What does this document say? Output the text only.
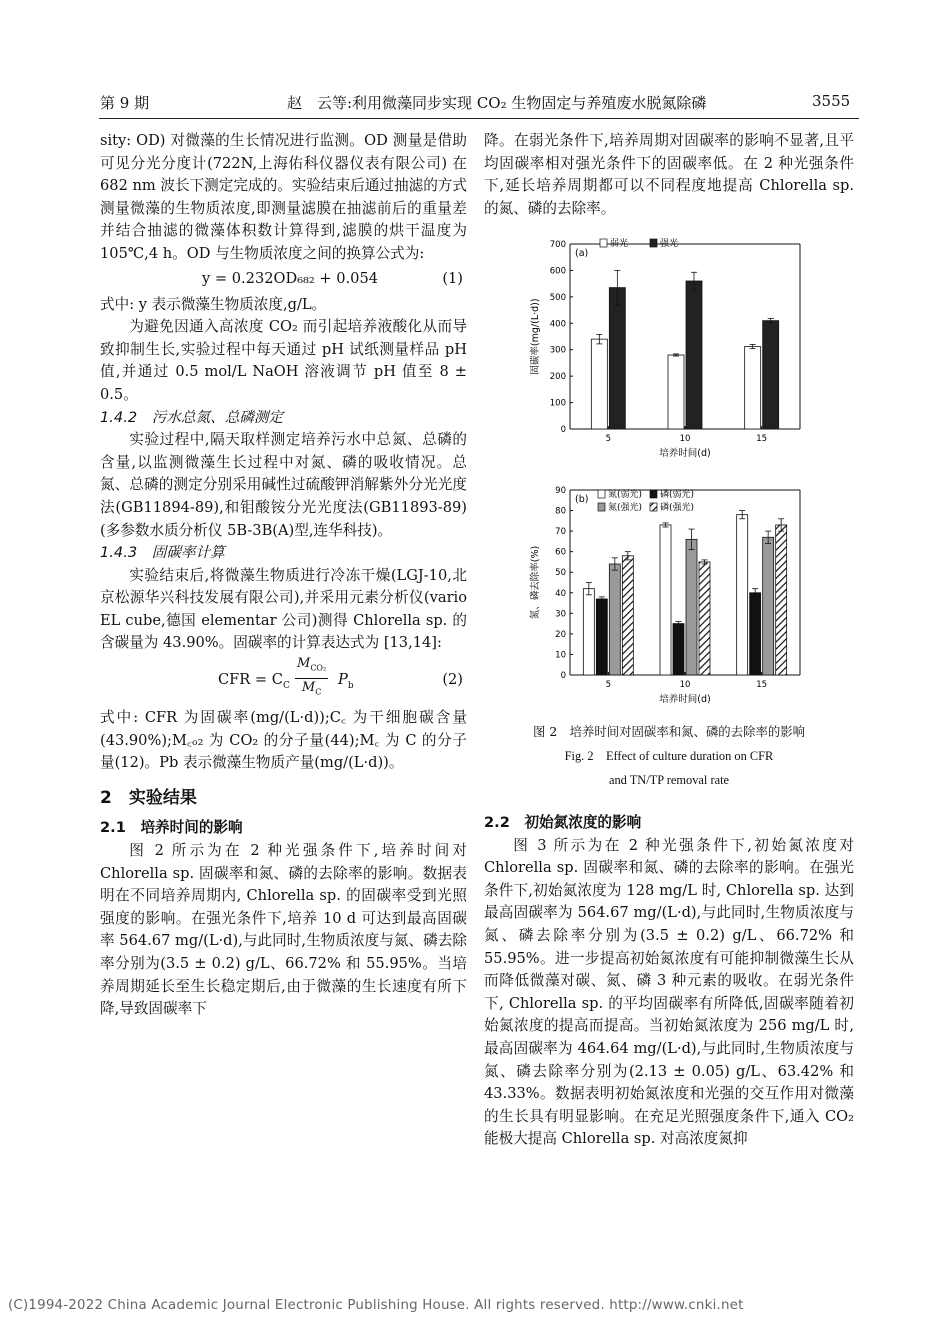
第 9 期	赵　云等:利用微藻同步实现 CO₂ 生物固定与养殖废水脱氮除磷	3555

sity: OD) 对微藻的生长情况进行监测。OD 测量是借助可见分光分度计(722N,上海佑科仪器仪表有限公司) 在 682 nm 波长下测定完成的。实验结束后通过抽滤的方式测量微藻的生物质浓度,即测量滤膜在抽滤前后的重量差并结合抽滤的微藻体积数计算得到,滤膜的烘干温度为 105℃,4 h。OD 与生物质浓度之间的换算公式为:

y = 0.232OD₆₈₂ + 0.054	(1)

式中: y 表示微藻生物质浓度,g/L。

为避免因通入高浓度 CO₂ 而引起培养液酸化从而导致抑制生长,实验过程中每天通过 pH 试纸测量样品 pH 值,并通过 0.5 mol/L NaOH 溶液调节 pH 值至 8 ± 0.5。

1.4.2　污水总氮、总磷测定

实验过程中,隔天取样测定培养污水中总氮、总磷的含量,以监测微藻生长过程中对氮、磷的吸收情况。总氮、总磷的测定分别采用碱性过硫酸钾消解紫外分光光度法(GB11894-89),和钼酸铵分光光度法(GB11893-89)(多参数水质分析仪 5B-3B(A)型,连华科技)。

1.4.3　固碳率计算

实验结束后,将微藻生物质进行冷冻干燥(LGJ-10,北京松源华兴科技发展有限公司),并采用元素分析仪(vario EL cube,德国 elementar 公司)测得 Chlorella sp. 的含碳量为 43.90%。固碳率的计算表达式为 [13,14]:

CFR = $C_C$
$M_{CO_2}$
$M_C$
$P_b$	(2)

式中: CFR 为固碳率(mg/(L·d));C꜀ 为干细胞碳含量(43.90%);M꜀ₒ₂ 为 CO₂ 的分子量(44);M꜀ 为 C 的分子量(12)。Pb 表示微藻生物质产量(mg/(L·d))。

2　实验结果

2.1　培养时间的影响

图 2 所示为在 2 种光强条件下,培养时间对 Chlorella sp. 固碳率和氮、磷的去除率的影响。数据表明在不同培养周期内, Chlorella sp. 的固碳率受到光照强度的影响。在强光条件下,培养 10 d 可达到最高固碳率 564.67 mg/(L·d),与此同时,生物质浓度与氮、磷去除率分别为(3.5 ± 0.2) g/L、66.72% 和 55.95%。当培养周期延长至生长稳定期后,由于微藻的生长速度有所下降,导致固碳率下

降。在弱光条件下,培养周期对固碳率的影响不显著,且平均固碳率相对强光条件下的固碳率低。在 2 种光强条件下,延长培养周期都可以不同程度地提高 Chlorella sp. 的氮、磷的去除率。

0
100
200
300
400
500
600
700
固碳率(mg/(L·d))
培养时间(d)
(a)
5	10	15
弱光	强光
0
10
20
30
40
50
60
70
80
90
氮、磷去除率(%)
培养时间(d)
(b)
5	10	15
氮(弱光) 磷(弱光)
氮(强光) 磷(强光)
图 2　培养时间对固碳率和氮、磷的去除率的影响
Fig. 2　Effect of culture duration on CFR
and TN/TP removal rate

2.2　初始氮浓度的影响

图 3 所示为在 2 种光强条件下,初始氮浓度对 Chlorella sp. 固碳率和氮、磷的去除率的影响。在强光条件下,初始氮浓度为 128 mg/L 时, Chlorella sp. 达到最高固碳率为 564.67 mg/(L·d),与此同时,生物质浓度与氮、磷去除率分别为(3.5 ± 0.2) g/L、66.72% 和 55.95%。进一步提高初始氮浓度有可能抑制微藻生长从而降低微藻对碳、氮、磷 3 种元素的吸收。在弱光条件下, Chlorella sp. 的平均固碳率有所降低,固碳率随着初始氮浓度的提高而提高。当初始氮浓度为 256 mg/L 时,最高固碳率为 464.64 mg/(L·d),与此同时,生物质浓度与氮、磷去除率分别为(2.13 ± 0.05) g/L、63.42% 和 43.33%。数据表明初始氮浓度和光强的交互作用对微藻的生长具有明显影响。在充足光照强度条件下,通入 CO₂ 能极大提高 Chlorella sp. 对高浓度氮抑

(C)1994-2022 China Academic Journal Electronic Publishing House. All rights reserved. http://www.cnki.net
